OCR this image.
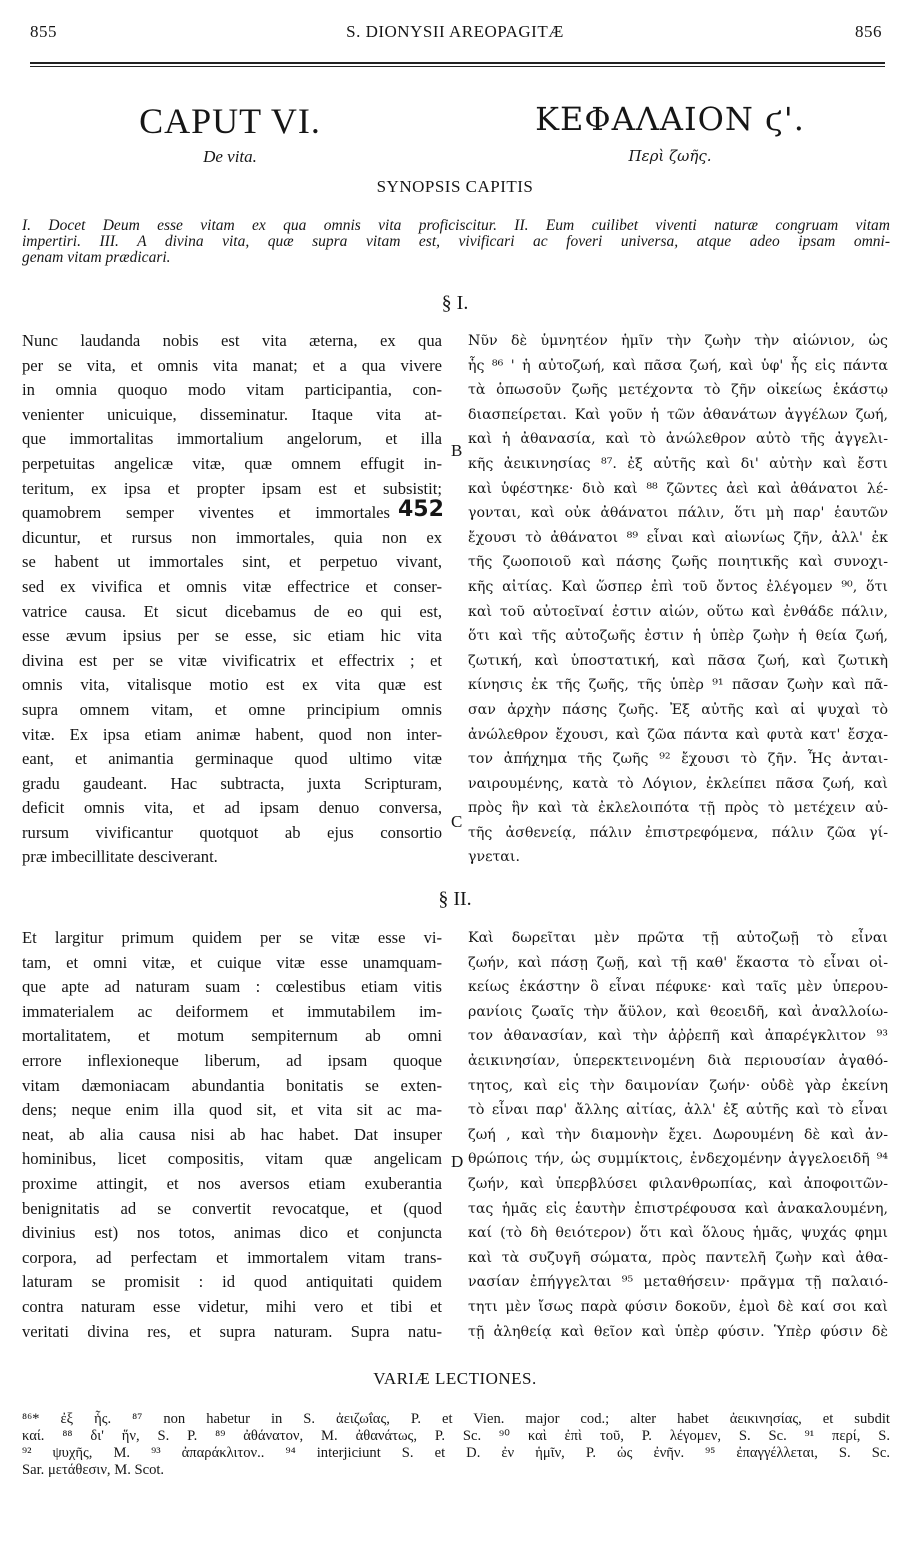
855	S. DIONYSII AREOPAGITÆ	856
CAPUT VI.
De vita.
ΚΕΦΑΛΑΙΟΝ ϛ'.
Περὶ ζωῆς.
SYNOPSIS CAPITIS
I. Docet Deum esse vitam ex qua omnis vita proficiscitur. II. Eum cuilibet viventi naturæ congruam vitam
impertiri. III. A divina vita, quæ supra vitam est, vivificari ac foveri universa, atque adeo ipsam omni-
genam vitam prædicari.
§ I.
Nunc laudanda nobis est vita æterna, ex qua
per se vita, et omnis vita manat; et a qua vivere
in omnia quoquo modo vitam participantia, con-
venienter unicuique, disseminatur. Itaque vita at-
que immortalitas immortalium angelorum, et illa
perpetuitas angelicæ vitæ, quæ omnem effugit in-
teritum, ex ipsa et propter ipsam est et subsistit;
quamobrem semper viventes et immortales
dicuntur, et rursus non immortales, quia non ex
se habent ut immortales sint, et perpetuo vivant,
sed ex vivifica et omnis vitæ effectrice et conser-
vatrice causa. Et sicut dicebamus de eo qui est,
esse ævum ipsius per se esse, sic etiam hic vita
divina est per se vitæ vivificatrix et effectrix ; et
omnis vita, vitalisque motio est ex vita quæ est
supra omnem vitam, et omne principium omnis
vitæ. Ex ipsa etiam animæ habent, quod non inter-
eant, et animantia germinaque quod ultimo vitæ
gradu gaudeant. Hac subtracta, juxta Scripturam,
deficit omnis vita, et ad ipsam denuo conversa,
rursum vivificantur quotquot ab ejus consortio
præ imbecillitate desciverant.
452
Νῦν δὲ ὑμνητέον ἡμῖν τὴν ζωὴν τὴν αἰώνιον, ὡς
ἧς ⁸⁶ ' ἡ αὐτοζωή, καὶ πᾶσα ζωή, καὶ ὑφ' ἧς εἰς πάντα
τὰ ὁπωσοῦν ζωῆς μετέχοντα τὸ ζῆν οἰκείως ἑκάστῳ
διασπείρεται. Καὶ γοῦν ἡ τῶν ἀθανάτων ἀγγέλων ζωή,
καὶ ἡ ἀθανασία, καὶ τὸ ἀνώλεθρον αὐτὸ τῆς ἀγγελι-
κῆς ἀεικινησίας ⁸⁷. ἐξ αὐτῆς καὶ δι' αὐτὴν καὶ ἔστι
καὶ ὑφέστηκε· διὸ καὶ ⁸⁸ ζῶντες ἀεὶ καὶ ἀθάνατοι λέ-
γονται, καὶ οὐκ ἀθάνατοι πάλιν, ὅτι μὴ παρ' ἑαυτῶν
ἔχουσι τὸ ἀθάνατοι ⁸⁹ εἶναι καὶ αἰωνίως ζῆν, ἀλλ' ἐκ
τῆς ζωοποιοῦ καὶ πάσης ζωῆς ποιητικῆς καὶ συνοχι-
κῆς αἰτίας. Καὶ ὥσπερ ἐπὶ τοῦ ὄντος ἐλέγομεν ⁹⁰, ὅτι
καὶ τοῦ αὐτοεῖναί ἐστιν αἰών, οὕτω καὶ ἐνθάδε πάλιν,
ὅτι καὶ τῆς αὐτοζωῆς ἐστιν ἡ ὑπὲρ ζωὴν ἡ θεία ζωή,
ζωτική, καὶ ὑποστατική, καὶ πᾶσα ζωή, καὶ ζωτικὴ
κίνησις ἐκ τῆς ζωῆς, τῆς ὑπὲρ ⁹¹ πᾶσαν ζωὴν καὶ πᾶ-
σαν ἀρχὴν πάσης ζωῆς. Ἐξ αὐτῆς καὶ αἱ ψυχαὶ τὸ
ἀνώλεθρον ἔχουσι, καὶ ζῶα πάντα καὶ φυτὰ κατ' ἔσχα-
τον ἀπήχημα τῆς ζωῆς ⁹² ἔχουσι τὸ ζῆν. Ἧς ἀνται-
ναιρουμένης, κατὰ τὸ Λόγιον, ἐκλείπει πᾶσα ζωή, καὶ
πρὸς ἣν καὶ τὰ ἐκλελοιπότα τῇ πρὸς τὸ μετέχειν αὐ-
τῆς ἀσθενείᾳ, πάλιν ἐπιστρεφόμενα, πάλιν ζῶα γί-
γνεται.
B
C
§ II.
Et largitur primum quidem per se vitæ esse vi-
tam, et omni vitæ, et cuique vitæ esse unamquam-
que apte ad naturam suam : cœlestibus etiam vitis
immaterialem ac deiformem et immutabilem im-
mortalitatem, et motum sempiternum ab omni
errore inflexioneque liberum, ad ipsam quoque
vitam dæmoniacam abundantia bonitatis se exten-
dens; neque enim illa quod sit, et vita sit ac ma-
neat, ab alia causa nisi ab hac habet. Dat insuper
hominibus, licet compositis, vitam quæ angelicam
proxime attingit, et nos aversos etiam exuberantia
benignitatis ad se convertit revocatque, et (quod
divinius est) nos totos, animas dico et conjuncta
corpora, ad perfectam et immortalem vitam trans-
laturam se promisit : id quod antiquitati quidem
contra naturam esse videtur, mihi vero et tibi et
veritati divina res, et supra naturam. Supra natu-
Καὶ δωρεῖται μὲν πρῶτα τῇ αὐτοζωῇ τὸ εἶναι
ζωήν, καὶ πάσῃ ζωῇ, καὶ τῇ καθ' ἕκαστα τὸ εἶναι οἰ-
κείως ἑκάστην ὃ εἶναι πέφυκε· καὶ ταῖς μὲν ὑπερου-
ρανίοις ζωαῖς τὴν ἄϋλον, καὶ θεοειδῆ, καὶ ἀναλλοίω-
τον ἀθανασίαν, καὶ τὴν ἀῤῥεπῆ καὶ ἀπαρέγκλιτον ⁹³
ἀεικινησίαν, ὑπερεκτεινομένη διὰ περιουσίαν ἀγαθό-
τητος, καὶ εἰς τὴν δαιμονίαν ζωήν· οὐδὲ γὰρ ἐκείνη
τὸ εἶναι παρ' ἄλλης αἰτίας, ἀλλ' ἐξ αὐτῆς καὶ τὸ εἶναι
ζωή , καὶ τὴν διαμονὴν ἔχει. Δωρουμένη δὲ καὶ ἀν-
θρώποις τήν, ὡς συμμίκτοις, ἐνδεχομένην ἀγγελοειδῆ ⁹⁴
ζωήν, καὶ ὑπερβλύσει φιλανθρωπίας, καὶ ἀποφοιτῶν-
τας ἡμᾶς εἰς ἑαυτὴν ἐπιστρέφουσα καὶ ἀνακαλουμένη,
καί (τὸ δὴ θειότερον) ὅτι καὶ ὅλους ἡμᾶς, ψυχάς φημι
καὶ τὰ συζυγῆ σώματα, πρὸς παντελῆ ζωὴν καὶ ἀθα-
νασίαν ἐπήγγελται ⁹⁵ μεταθήσειν· πρᾶγμα τῇ παλαιό-
τητι μὲν ἴσως παρὰ φύσιν δοκοῦν, ἐμοὶ δὲ καί σοι καὶ
τῇ ἀληθείᾳ καὶ θεῖον καὶ ὑπὲρ φύσιν. Ὑπὲρ φύσιν δὲ
D
VARIÆ LECTIONES.
⁸⁶* ἐξ ἧς. ⁸⁷ non habetur in S. ἀειζωΐας, P. et Vien. major cod.; alter habet ἀεικινησίας, et subdit
καί. ⁸⁸ δι' ἥν, S. P. ⁸⁹ ἀθάνατον, M. ἀθανάτως, P. Sc. ⁹⁰ καὶ ἐπὶ τοῦ, P. λέγομεν, S. Sc. ⁹¹ περί, S.
⁹² ψυχῆς, M. ⁹³ ἀπαράκλιτον.. ⁹⁴ interjiciunt S. et D. ἐν ἡμῖν, P. ὡς ἐνῆν. ⁹⁵ ἐπαγγέλλεται, S. Sc.
Sar. μετάθεσιν, M. Scot.
